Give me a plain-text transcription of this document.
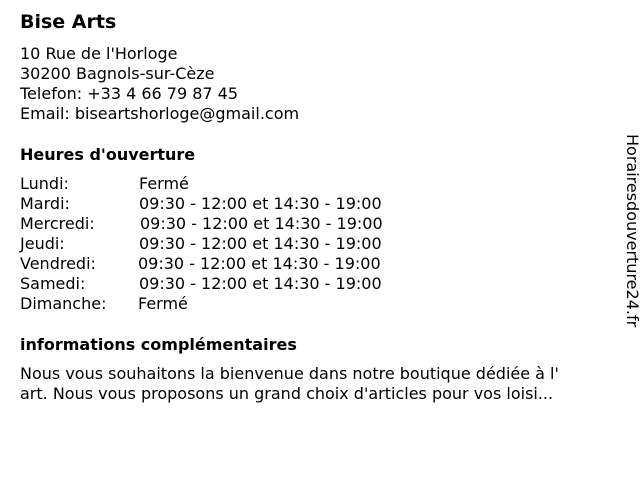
Bise Arts
10 Rue de l'Horloge
30200 Bagnols-sur-Cèze
Telefon: +33 4 66 79 87 45
Email: biseartshorloge@gmail.com
Heures d'ouverture
Lundi:	Fermé
Mardi:	09:30 - 12:00 et 14:30 - 19:00
Mercredi:	09:30 - 12:00 et 14:30 - 19:00
Jeudi:	09:30 - 12:00 et 14:30 - 19:00
Vendredi:	09:30 - 12:00 et 14:30 - 19:00
Samedi:	09:30 - 12:00 et 14:30 - 19:00
Dimanche: Fermé
informations complémentaires
Nous vous souhaitons la bienvenue dans notre boutique dédiée à l'
art. Nous vous proposons un grand choix d'articles pour vos loisi...
Horairesdouverture24.fr
